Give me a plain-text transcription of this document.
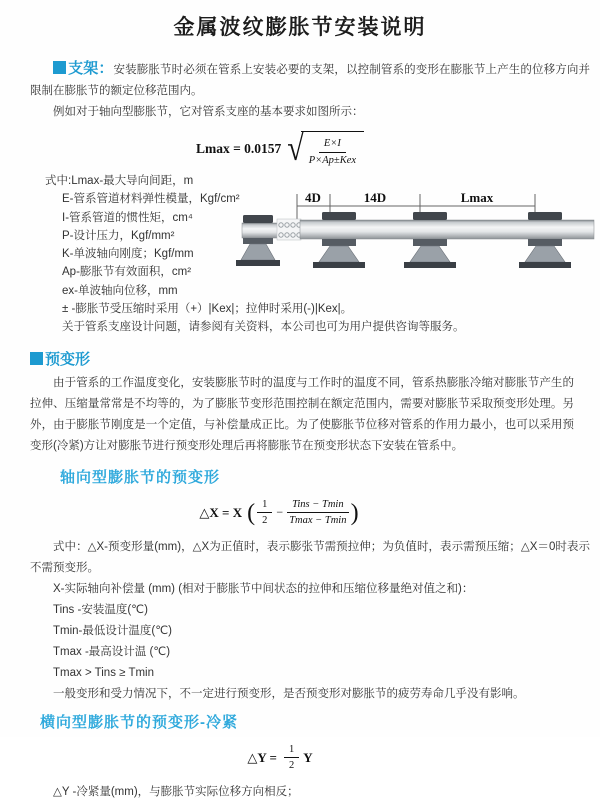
金属波纹膨胀节安装说明

支架：安装膨胀节时必须在管系上安装必要的支架，以控制管系的变形在膨胀节上产生的位移方向并限制在膨胀节的额定位移范围内。

例如对于轴向型膨胀节，它对管系支座的基本要求如图所示：

Lmax = 0.0157 √ $\frac{E\times I}{\text{P×Ap±Kex}}$
式中:Lmax-最大导向间距，m
E-管系管道材料弹性模量，Kgf/cm²
I-管系管道的惯性矩，cm⁴
P-设计压力，Kgf/mm²
K-单波轴向刚度；Kgf/mm
Ap-膨胀节有效面积，cm²
ex-单波轴向位移，mm
± -膨胀节受压缩时采用（+）|Kex|；拉伸时采用(-)|Kex|。
关于管系支座设计问题，请参阅有关资料，本公司也可为用户提供咨询等服务。
4D	14D	Lmax
预变形

由于管系的工作温度变化，安装膨胀节时的温度与工作时的温度不同，管系热膨胀冷缩对膨胀节产生的拉伸、压缩量常常是不均等的，为了膨胀节变形范围控制在额定范围内，需要对膨胀节采取预变形处理。另外，由于膨胀节刚度是一个定值，与补偿量成正比。为了使膨胀节位移对管系的作用力最小，也可以采用预变形(冷紧)方让对膨胀节进行预变形处理后再将膨胀节在预变形状态下安装在管系中。

轴向型膨胀节的预变形
△X = X ( $\frac{1}{2} - \frac{\text{Tins − Tmin}}{Tmax - Tmin}$ )

式中：△X-预变形量(mm)，△X为正值时，表示膨张节需预拉伸；为负值时，表示需预压缩；△X＝0时表示不需预变形。

X-实际轴向补偿量 (mm) (相对于膨胀节中间状态的拉伸和压缩位移量绝对值之和)：

Tins -安装温度(℃)

Tmin-最低设计温度(℃)

Tmax -最高设计温 (℃)

Tmax > Tins ≥ Tmin

一般变形和受力情况下，不一定进行预变形，是否预变形对膨胀节的疲劳寿命几乎没有影响。

横向型膨胀节的预变形-冷紧
△Y = $\frac{1}{2}$ Y

△Y -冷紧量(mm)，与膨胀节实际位移方向相反；
